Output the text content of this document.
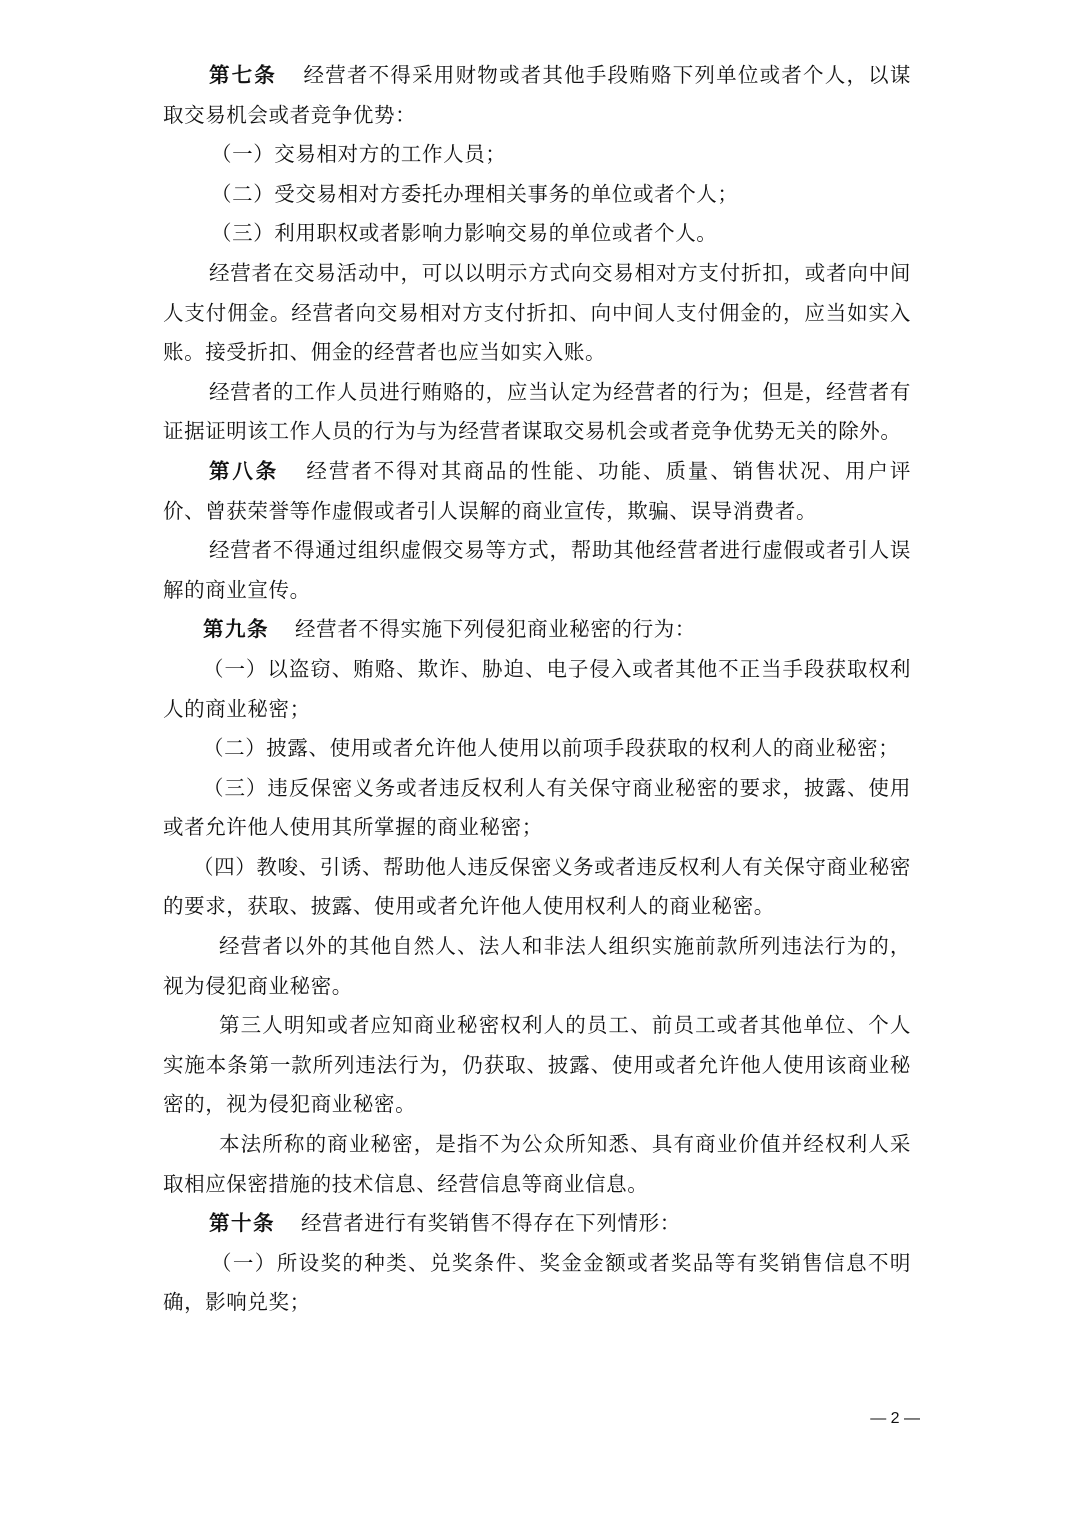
第七条 经营者不得采用财物或者其他手段贿赂下列单位或者个人，以谋取交易机会或者竞争优势：

（一）交易相对方的工作人员；

（二）受交易相对方委托办理相关事务的单位或者个人；

（三）利用职权或者影响力影响交易的单位或者个人。

经营者在交易活动中，可以以明示方式向交易相对方支付折扣，或者向中间人支付佣金。经营者向交易相对方支付折扣、向中间人支付佣金的，应当如实入账。接受折扣、佣金的经营者也应当如实入账。

经营者的工作人员进行贿赂的，应当认定为经营者的行为；但是，经营者有证据证明该工作人员的行为与为经营者谋取交易机会或者竞争优势无关的除外。

第八条 经营者不得对其商品的性能、功能、质量、销售状况、用户评价、曾获荣誉等作虚假或者引人误解的商业宣传，欺骗、误导消费者。

经营者不得通过组织虚假交易等方式，帮助其他经营者进行虚假或者引人误解的商业宣传。

第九条 经营者不得实施下列侵犯商业秘密的行为：

（一）以盗窃、贿赂、欺诈、胁迫、电子侵入或者其他不正当手段获取权利人的商业秘密；

（二）披露、使用或者允许他人使用以前项手段获取的权利人的商业秘密；

（三）违反保密义务或者违反权利人有关保守商业秘密的要求，披露、使用或者允许他人使用其所掌握的商业秘密；

（四）教唆、引诱、帮助他人违反保密义务或者违反权利人有关保守商业秘密的要求，获取、披露、使用或者允许他人使用权利人的商业秘密。

经营者以外的其他自然人、法人和非法人组织实施前款所列违法行为的，视为侵犯商业秘密。

第三人明知或者应知商业秘密权利人的员工、前员工或者其他单位、个人实施本条第一款所列违法行为，仍获取、披露、使用或者允许他人使用该商业秘密的，视为侵犯商业秘密。

本法所称的商业秘密，是指不为公众所知悉、具有商业价值并经权利人采取相应保密措施的技术信息、经营信息等商业信息。

第十条 经营者进行有奖销售不得存在下列情形：

（一）所设奖的种类、兑奖条件、奖金金额或者奖品等有奖销售信息不明确，影响兑奖；

— 2 —
